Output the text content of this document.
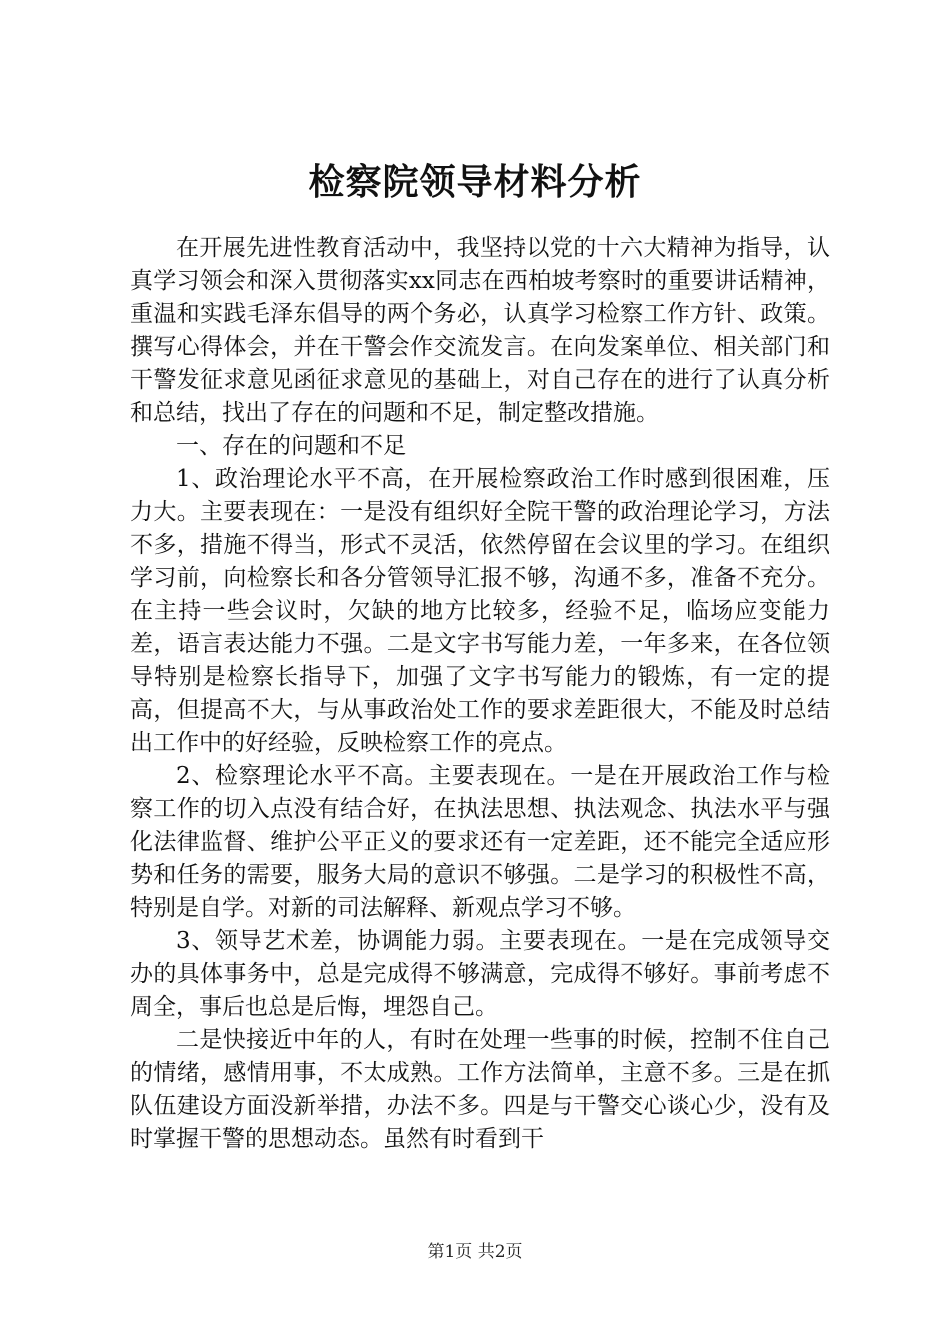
检察院领导材料分析

在开展先进性教育活动中，我坚持以党的十六大精神为指导，认真学习领会和深入贯彻落实xx同志在西柏坡考察时的重要讲话精神，重温和实践毛泽东倡导的两个务必，认真学习检察工作方针、政策。撰写心得体会，并在干警会作交流发言。在向发案单位、相关部门和干警发征求意见函征求意见的基础上，对自己存在的进行了认真分析和总结，找出了存在的问题和不足，制定整改措施。

一、存在的问题和不足

1、政治理论水平不高，在开展检察政治工作时感到很困难，压力大。主要表现在：一是没有组织好全院干警的政治理论学习，方法不多，措施不得当，形式不灵活，依然停留在会议里的学习。在组织学习前，向检察长和各分管领导汇报不够，沟通不多，准备不充分。在主持一些会议时，欠缺的地方比较多，经验不足，临场应变能力差，语言表达能力不强。二是文字书写能力差，一年多来，在各位领导特别是检察长指导下，加强了文字书写能力的锻炼，有一定的提高，但提高不大，与从事政治处工作的要求差距很大，不能及时总结出工作中的好经验，反映检察工作的亮点。

2、检察理论水平不高。主要表现在。一是在开展政治工作与检察工作的切入点没有结合好，在执法思想、执法观念、执法水平与强化法律监督、维护公平正义的要求还有一定差距，还不能完全适应形势和任务的需要，服务大局的意识不够强。二是学习的积极性不高，特别是自学。对新的司法解释、新观点学习不够。

3、领导艺术差，协调能力弱。主要表现在。一是在完成领导交办的具体事务中，总是完成得不够满意，完成得不够好。事前考虑不周全，事后也总是后悔，埋怨自己。

二是快接近中年的人，有时在处理一些事的时候，控制不住自己的情绪，感情用事，不太成熟。工作方法简单，主意不多。三是在抓队伍建设方面没新举措，办法不多。四是与干警交心谈心少，没有及时掌握干警的思想动态。虽然有时看到干

第1页 共2页
